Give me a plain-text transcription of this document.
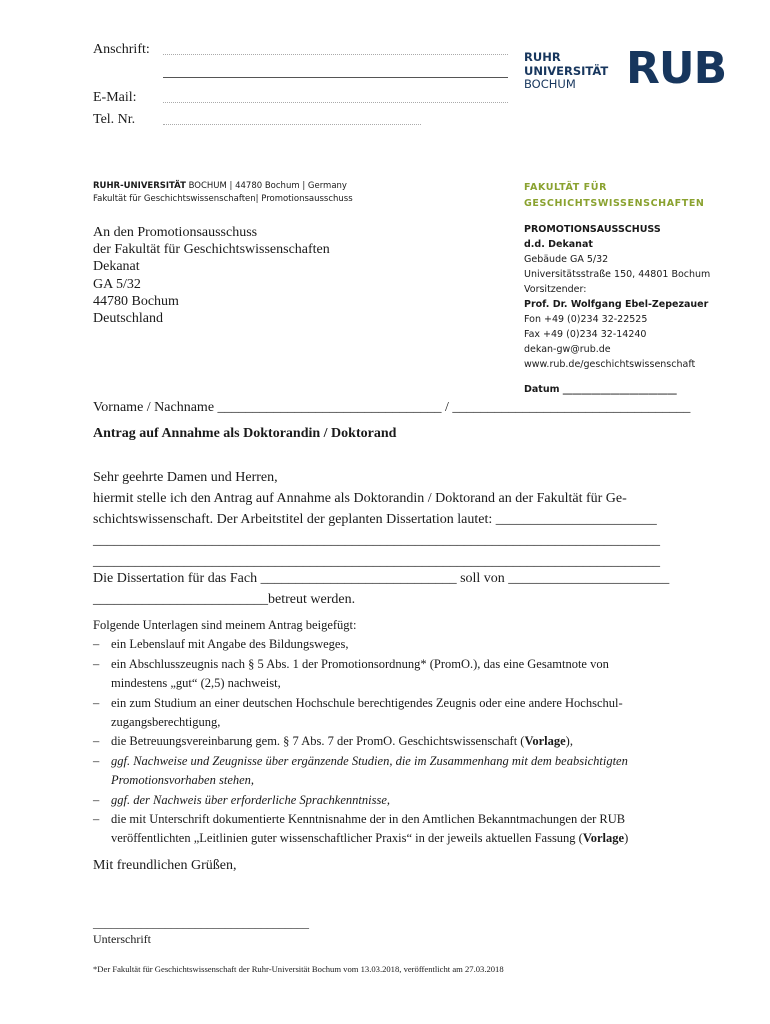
Anschrift:
E-Mail:
Tel. Nr.
RUHR
UNIVERSITÄT
BOCHUM	RUB
RUHR-UNIVERSITÄT BOCHUM | 44780 Bochum | Germany
Fakultät für Geschichtswissenschaften| Promotionsausschuss
An den Promotionsausschuss
der Fakultät für Geschichtswissenschaften
Dekanat
GA 5/32
44780 Bochum
Deutschland
FAKULTÄT FÜR
GESCHICHTSWISSENSCHAFTEN
PROMOTIONSAUSSCHUSS
d.d. Dekanat
Gebäude GA 5/32
Universitätsstraße 150, 44801 Bochum
Vorsitzender:
Prof. Dr. Wolfgang Ebel-Zepezauer
Fon +49 (0)234 32-22525
Fax +49 (0)234 32-14240
dekan-gw@rub.de
www.rub.de/geschichtswissenschaft
Datum ________________________
Vorname / Nachname ________________________________ / __________________________________
Antrag auf Annahme als Doktorandin / Doktorand
Sehr geehrte Damen und Herren,
hiermit stelle ich den Antrag auf Annahme als Doktorandin / Doktorand an der Fakultät für Ge-
schichtswissenschaft. Der Arbeitstitel der geplanten Dissertation lautet: _______________________
_________________________________________________________________________________
_________________________________________________________________________________
Die Dissertation für das Fach ____________________________ soll von _______________________
_________________________betreut werden.
Folgende Unterlagen sind meinem Antrag beigefügt:
– ein Lebenslauf mit Angabe des Bildungsweges,
– ein Abschlusszeugnis nach § 5 Abs. 1 der Promotionsordnung* (PromO.), das eine Gesamtnote von
mindestens „gut“ (2,5) nachweist,
– ein zum Studium an einer deutschen Hochschule berechtigendes Zeugnis oder eine andere Hochschul-
zugangsberechtigung,
– die Betreuungsvereinbarung gem. § 7 Abs. 7 der PromO. Geschichtswissenschaft (Vorlage),
– ggf. Nachweise und Zeugnisse über ergänzende Studien, die im Zusammenhang mit dem beabsichtigten
Promotionsvorhaben stehen,
– ggf. der Nachweis über erforderliche Sprachkenntnisse,
– die mit Unterschrift dokumentierte Kenntnisnahme der in den Amtlichen Bekanntmachungen der RUB
veröffentlichten „Leitlinien guter wissenschaftlicher Praxis“ in der jeweils aktuellen Fassung (Vorlage)
Mit freundlichen Grüßen,
____________________________________
Unterschrift
*Der Fakultät für Geschichtswissenschaft der Ruhr-Universität Bochum vom 13.03.2018, veröffentlicht am 27.03.2018
